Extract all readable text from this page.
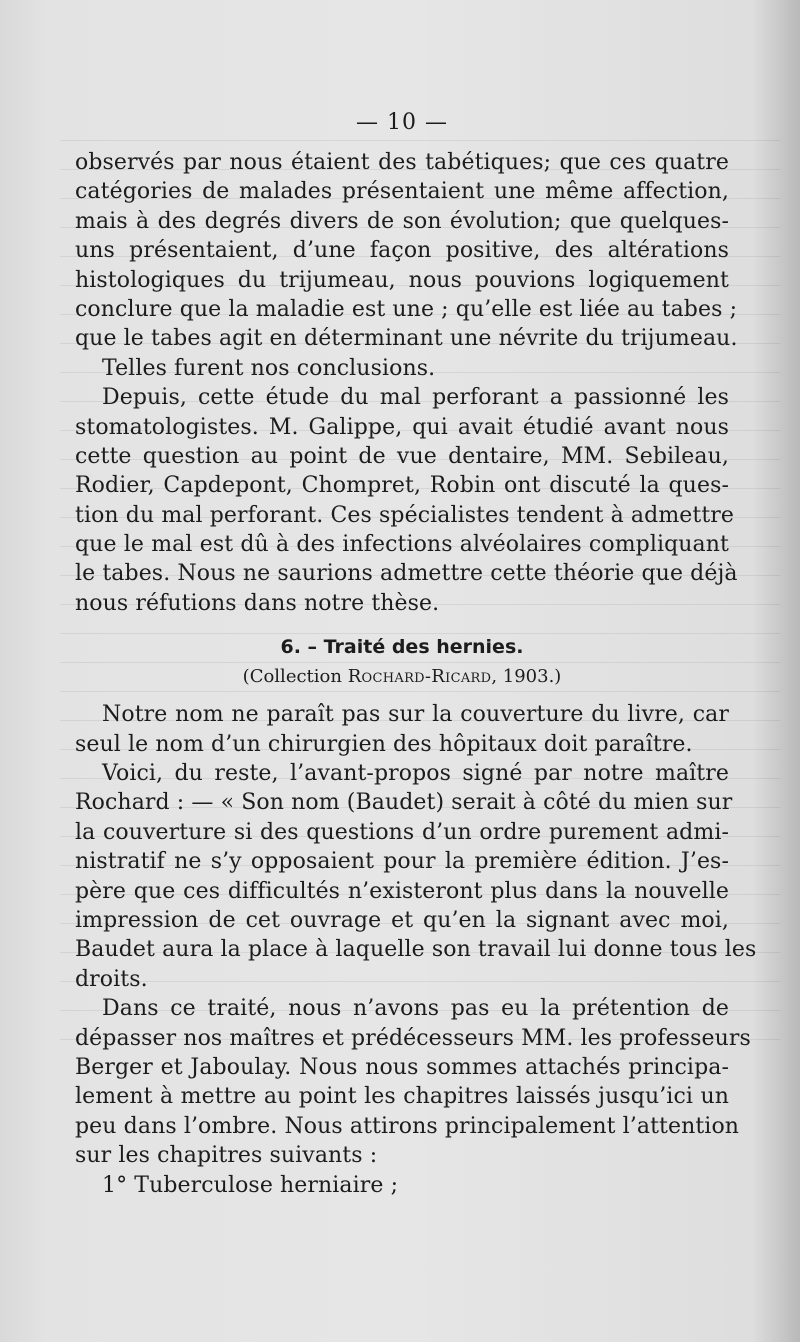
— 10 —
observés par nous étaient des tabétiques; que ces quatre
catégories de malades présentaient une même affection,
mais à des degrés divers de son évolution; que quelques-
uns présentaient, d’une façon positive, des altérations
histologiques du trijumeau, nous pouvions logiquement
conclure que la maladie est une ; qu’elle est liée au tabes ;
que le tabes agit en déterminant une névrite du trijumeau.
Telles furent nos conclusions.
Depuis, cette étude du mal perforant a passionné les
stomatologistes. M. Galippe, qui avait étudié avant nous
cette question au point de vue dentaire, MM. Sebileau,
Rodier, Capdepont, Chompret, Robin ont discuté la ques-
tion du mal perforant. Ces spécialistes tendent à admettre
que le mal est dû à des infections alvéolaires compliquant
le tabes. Nous ne saurions admettre cette théorie que déjà
nous réfutions dans notre thèse.
6. – Traité des hernies.
(Collection Rochard-Ricard, 1903.)
Notre nom ne paraît pas sur la couverture du livre, car
seul le nom d’un chirurgien des hôpitaux doit paraître.
Voici, du reste, l’avant-propos signé par notre maître
Rochard : — « Son nom (Baudet) serait à côté du mien sur
la couverture si des questions d’un ordre purement admi-
nistratif ne s’y opposaient pour la première édition. J’es-
père que ces difficultés n’existeront plus dans la nouvelle
impression de cet ouvrage et qu’en la signant avec moi,
Baudet aura la place à laquelle son travail lui donne tous les
droits.
Dans ce traité, nous n’avons pas eu la prétention de
dépasser nos maîtres et prédécesseurs MM. les professeurs
Berger et Jaboulay. Nous nous sommes attachés principa-
lement à mettre au point les chapitres laissés jusqu’ici un
peu dans l’ombre. Nous attirons principalement l’attention
sur les chapitres suivants :
1° Tuberculose herniaire ;
